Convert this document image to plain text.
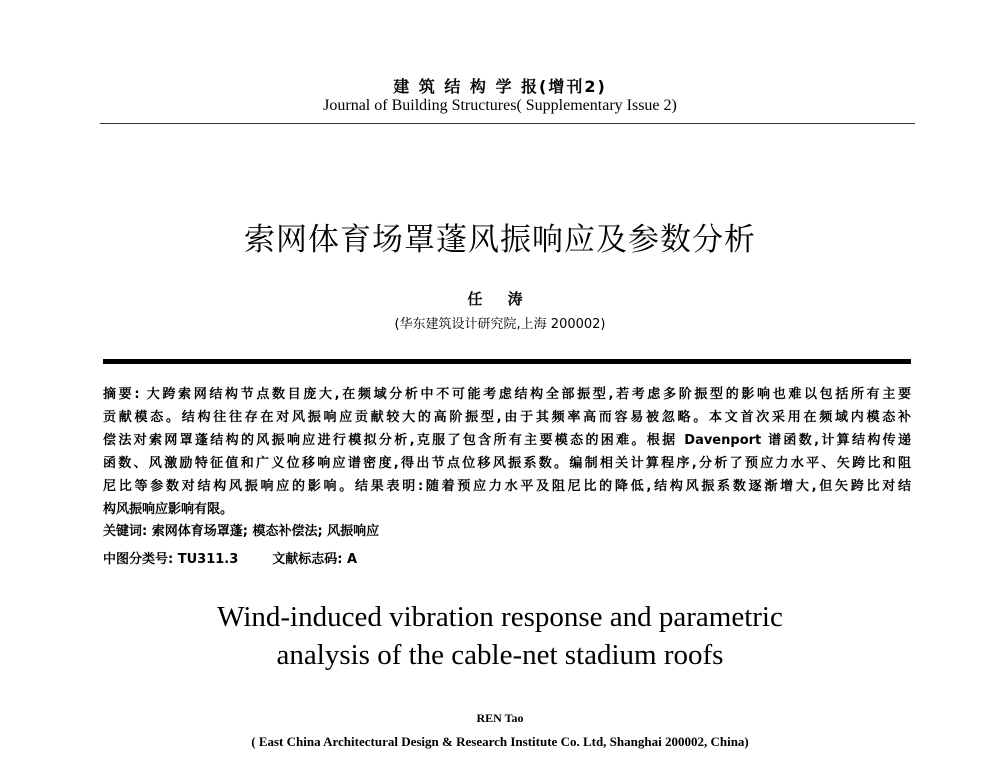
建 筑 结 构 学 报(增刊2)
Journal of Building Structures( Supplementary Issue 2)
索网体育场罩蓬风振响应及参数分析
任 涛
(华东建筑设计研究院,上海 200002)
摘要: 大跨索网结构节点数目庞大,在频域分析中不可能考虑结构全部振型,若考虑多阶振型的影响也难以包括所有主要
贡献模态。结构往往存在对风振响应贡献较大的高阶振型,由于其频率高而容易被忽略。本文首次采用在频域内模态补
偿法对索网罩蓬结构的风振响应进行模拟分析,克服了包含所有主要模态的困难。根据 Davenport 谱函数,计算结构传递
函数、风激励特征值和广义位移响应谱密度,得出节点位移风振系数。编制相关计算程序,分析了预应力水平、矢跨比和阻
尼比等参数对结构风振响应的影响。结果表明:随着预应力水平及阻尼比的降低,结构风振系数逐渐增大,但矢跨比对结
构风振响应影响有限。
关键词: 索网体育场罩蓬; 模态补偿法; 风振响应
中图分类号: TU311.3	文献标志码: A
Wind-induced vibration response and parametric
analysis of the cable-net stadium roofs
REN Tao
( East China Architectural Design & Research Institute Co. Ltd, Shanghai 200002, China)
